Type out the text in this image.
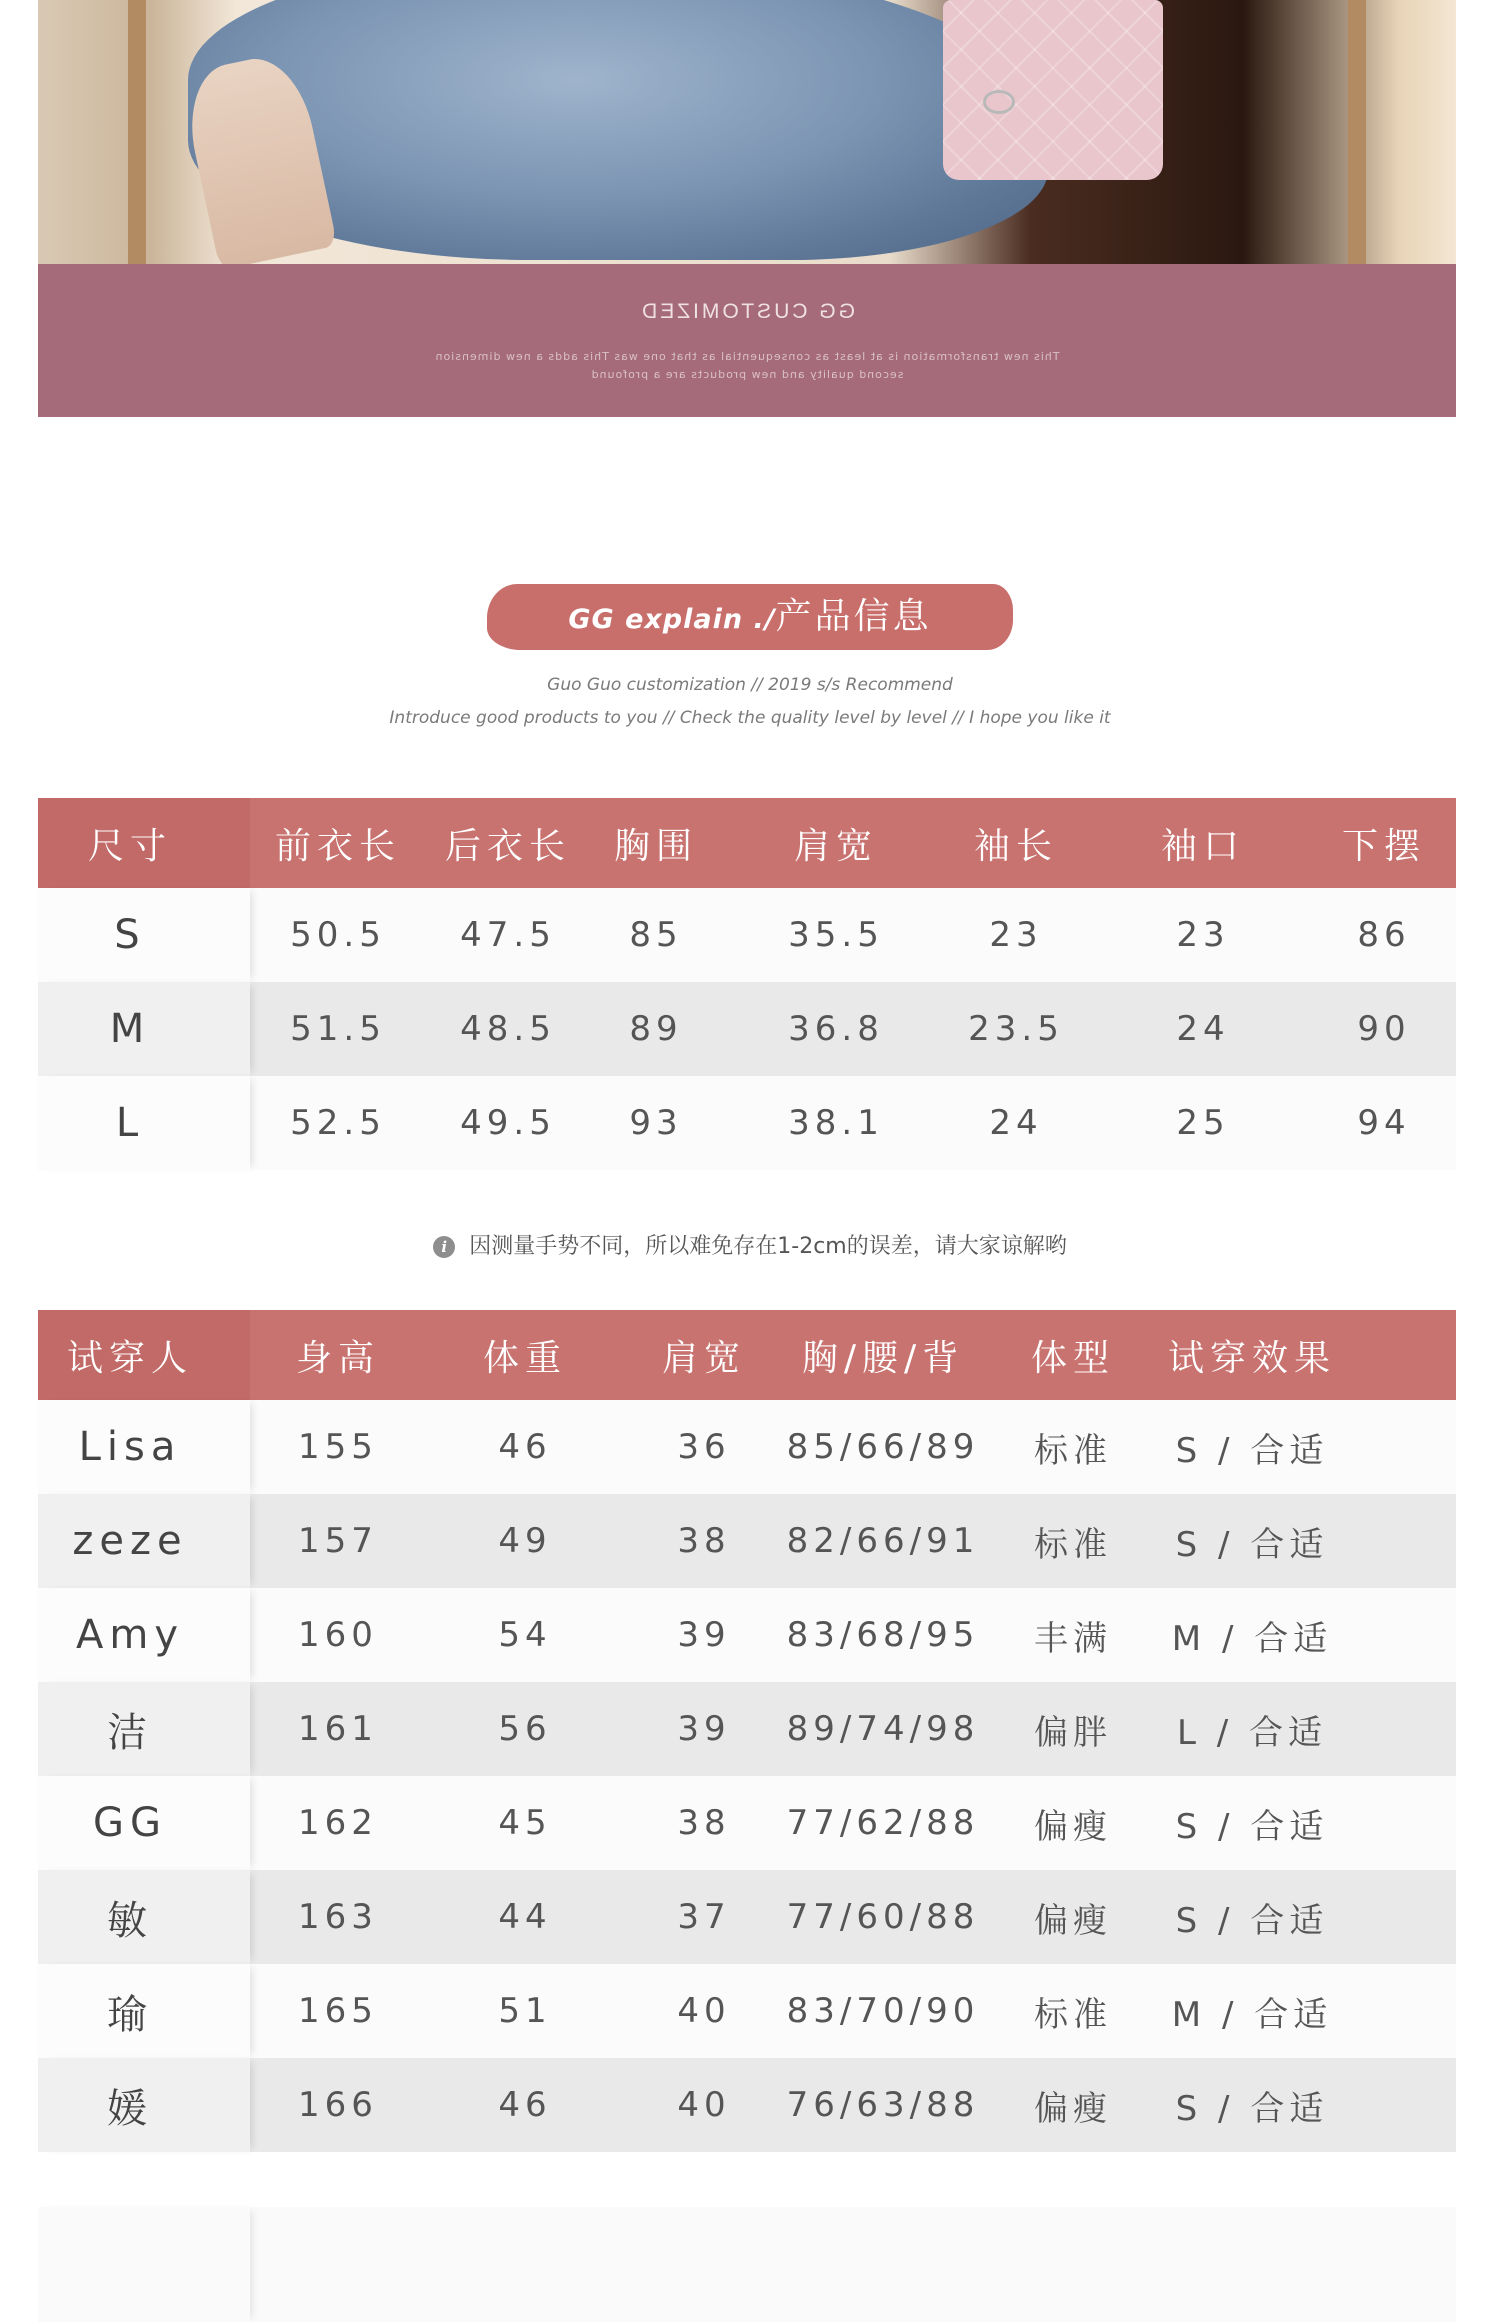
GG CUSTOMIZED
This new transformation is at least as consequential as that one was This adds a new dimension
second quality and new products are a profound
GG explain ./产品信息
Guo Guo customization // 2019 s/s Recommend
Introduce good products to you // Check the quality level by level // I hope you like it
尺寸	前衣长	后衣长	胸围	肩宽	袖长	袖口	下摆
S	50.5	47.5	85	35.5	23	23	86
M	51.5	48.5	89	36.8	23.5	24	90
L	52.5	49.5	93	38.1	24	25	94
i 因测量手势不同，所以难免存在1-2cm的误差，请大家谅解哟
试穿人	身高	体重	肩宽	胸/腰/背	体型	试穿效果
Lisa	155	46	36	85/66/89	标准	S / 合适
zeze	157	49	38	82/66/91	标准	S / 合适
Amy	160	54	39	83/68/95	丰满	M / 合适
洁	161	56	39	89/74/98	偏胖	L / 合适
GG	162	45	38	77/62/88	偏瘦	S / 合适
敏	163	44	37	77/60/88	偏瘦	S / 合适
瑜	165	51	40	83/70/90	标准	M / 合适
媛	166	46	40	76/63/88	偏瘦	S / 合适
